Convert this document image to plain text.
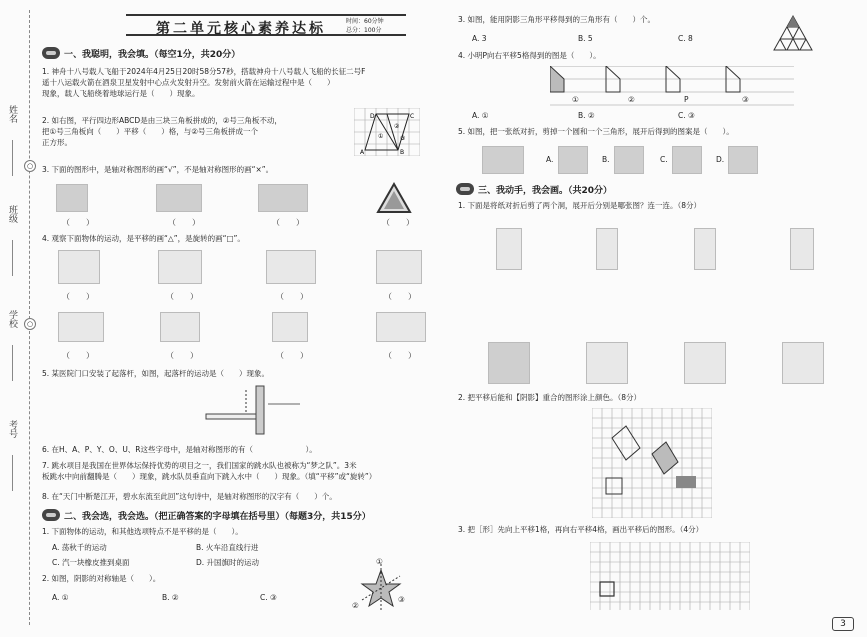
姓名
○
班级
○
学校
考号
第二单元核心素养达标	时间：60分钟
总分：100分
一、我聪明，我会填。（每空1分，共20分）
1. 神舟十八号载人飞船于2024年4月25日20时58分57秒，搭载神舟十八号载人飞船的长征二号F
遥十八运载火箭在酒泉卫星发射中心点火发射升空。发射前火箭在运输过程中是（　　）
现象，载人飞船绕着地球运行是（　　）现象。
2. 如右图，平行四边形ABCD是由三块三角板拼成的，②号三角板不动，
把①号三角板向（　　）平移（　　）格，与②号三角板拼成一个
正方形。
D	C
A	B
①
②
③
3. 下面的图形中，是轴对称图形的画“√”，不是轴对称图形的画“×”。
（　　）	（　　）	（　　）	（　　）
4. 观察下面物体的运动，是平移的画“△”，是旋转的画“□”。
（　　）	（　　）	（　　）	（　　）
（　　）	（　　）	（　　）	（　　）
5. 某医院门口安装了起落杆，如图，起落杆的运动是（　　）现象。
6. 在H、A、P、Y、O、U、R这些字母中，是轴对称图形的有（　　　　　　　）。
7. 跳水项目是我国在世界体坛保持优势的项目之一，我们国家的跳水队也被称为“梦之队”。3米
板跳水中向前翻腾是（　　）现象，跳水队员垂直向下跳入水中（　　）现象。（填“平移”或“旋转”）
8. 在“天门中断楚江开，碧水东流至此回”这句诗中，是轴对称图形的汉字有（　　）个。
二、我会选，我会选。（把正确答案的字母填在括号里）（每题3分，共15分）
1. 下面物体的运动，和其他选项特点不是平移的是（　　）。
A. 荡秋千的运动	B. 火车沿直线行进
C. 汽一块橡皮推到桌面	D. 升国旗时的运动
2. 如图，阴影的对称轴是（　　）。
A. ①	B. ②	C. ③
①
②
③
3. 如图，能用阴影三角形平移得到的三角形有（　　）个。
A. 3	B. 5	C. 8
4. 小明P向右平移5格得到的图是（　　）。
①	②	P	③
A. ①	B. ②	C. ③
5. 如图，把一张纸对折，剪掉一个圆和一个三角形，展开后得到的图案是（　　）。
A.	B.	C.	D.
三、我动手，我会画。（共20分）
1. 下面是将纸对折后剪了两个洞，展开后分别是哪张图？连一连。（8分）
2. 把平移后能和【阴影】重合的图形涂上颜色。（8分）
3. 把［形］先向上平移1格，再向右平移4格，画出平移后的图形。（4分）
3
